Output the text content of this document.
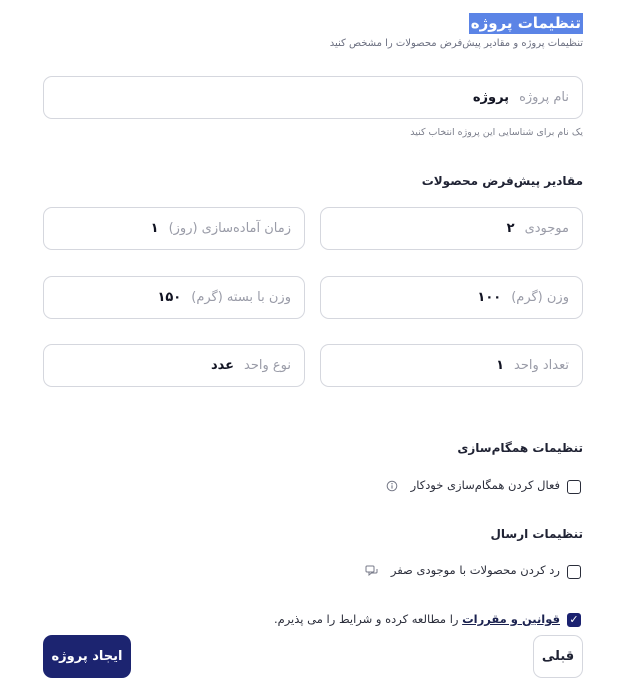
تنظیمات پروژه
تنظیمات پروژه و مقادیر پیش‌فرض محصولات را مشخص کنید
نام پروژه
پروژه
یک نام برای شناسایی این پروژه انتخاب کنید
مقادیر پیش‌فرض محصولات
موجودی
۲
زمان آماده‌سازی (روز)
۱
وزن (گرم)
۱۰۰
وزن با بسته (گرم)
۱۵۰
تعداد واحد
۱
نوع واحد
عدد
تنظیمات همگام‌سازی
فعال کردن همگام‌سازی خودکار
تنظیمات ارسال
رد کردن محصولات با موجودی صفر
✓
قوانین و مقررات را مطالعه کرده و شرایط را می پذیرم.
ایجاد پروژه	قبلی
